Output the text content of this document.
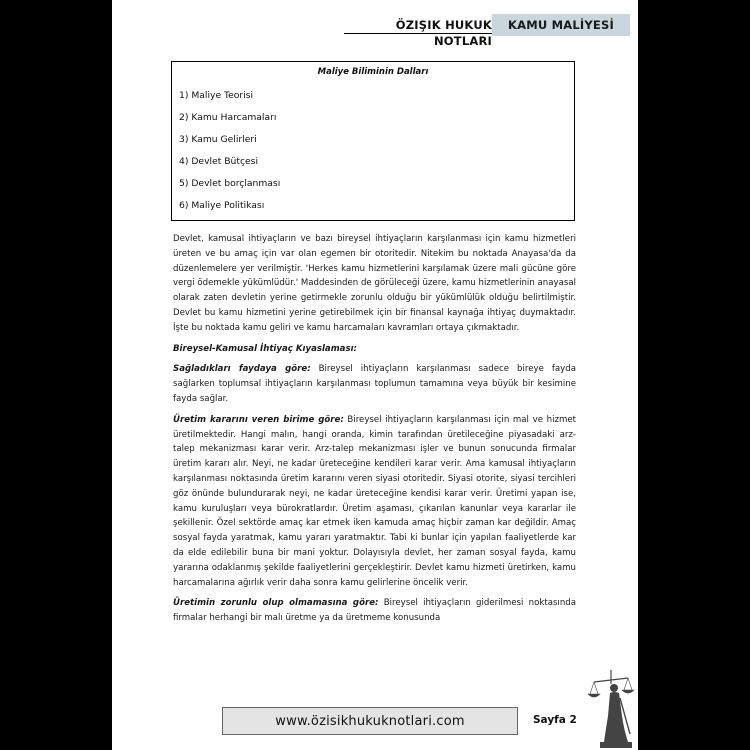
ÖZIŞIK HUKUK NOTLARI
KAMU MALİYESİ
Maliye Biliminin Dalları
1) Maliye Teorisi
2) Kamu Harcamaları
3) Kamu Gelirleri
4) Devlet Bütçesi
5) Devlet borçlanması
6) Maliye Politikası

Devlet, kamusal ihtiyaçların ve bazı bireysel ihtiyaçların karşılanması için kamu hizmetleri üreten ve bu amaç için var olan egemen bir otoritedir. Nitekim bu noktada Anayasa'da da düzenlemelere yer verilmiştir. 'Herkes kamu hizmetlerini karşılamak üzere mali gücüne göre vergi ödemekle yükümlüdür.' Maddesinden de görüleceği üzere, kamu hizmetlerinin anayasal olarak zaten devletin yerine getirmekle zorunlu olduğu bir yükümlülük olduğu belirtilmiştir. Devlet bu kamu hizmetini yerine getirebilmek için bir finansal kaynağa ihtiyaç duymaktadır. İşte bu noktada kamu geliri ve kamu harcamaları kavramları ortaya çıkmaktadır.

Bireysel-Kamusal İhtiyaç Kıyaslaması:

Sağladıkları faydaya göre: Bireysel ihtiyaçların karşılanması sadece bireye fayda sağlarken toplumsal ihtiyaçların karşılanması toplumun tamamına veya büyük bir kesimine fayda sağlar.

Üretim kararını veren birime göre: Bireysel ihtiyaçların karşılanması için mal ve hizmet üretilmektedir. Hangi malın, hangi oranda, kimin tarafından üretileceğine piyasadaki arz-talep mekanizması karar verir. Arz-talep mekanizması işler ve bunun sonucunda firmalar üretim kararı alır. Neyi, ne kadar üreteceğine kendileri karar verir. Ama kamusal ihtiyaçların karşılanması noktasında üretim kararını veren siyasi otoritedir. Siyasi otorite, siyasi tercihleri göz önünde bulundurarak neyi, ne kadar üreteceğine kendisi karar verir. Üretimi yapan ise, kamu kuruluşları veya bürokratlardır. Üretim aşaması, çıkarılan kanunlar veya kararlar ile şekillenir. Özel sektörde amaç kar etmek iken kamuda amaç hiçbir zaman kar değildir. Amaç sosyal fayda yaratmak, kamu yararı yaratmaktır. Tabi ki bunlar için yapılan faaliyetlerde kar da elde edilebilir buna bir mani yoktur. Dolayısıyla devlet, her zaman sosyal fayda, kamu yararına odaklanmış şekilde faaliyetlerini gerçekleştirir. Devlet kamu hizmeti üretirken, kamu harcamalarına ağırlık verir daha sonra kamu gelirlerine öncelik verir.

Üretimin zorunlu olup olmamasına göre: Bireysel ihtiyaçların giderilmesi noktasında firmalar herhangi bir malı üretme ya da üretmeme konusunda

www.özisikhukuknotlari.com	Sayfa 2
